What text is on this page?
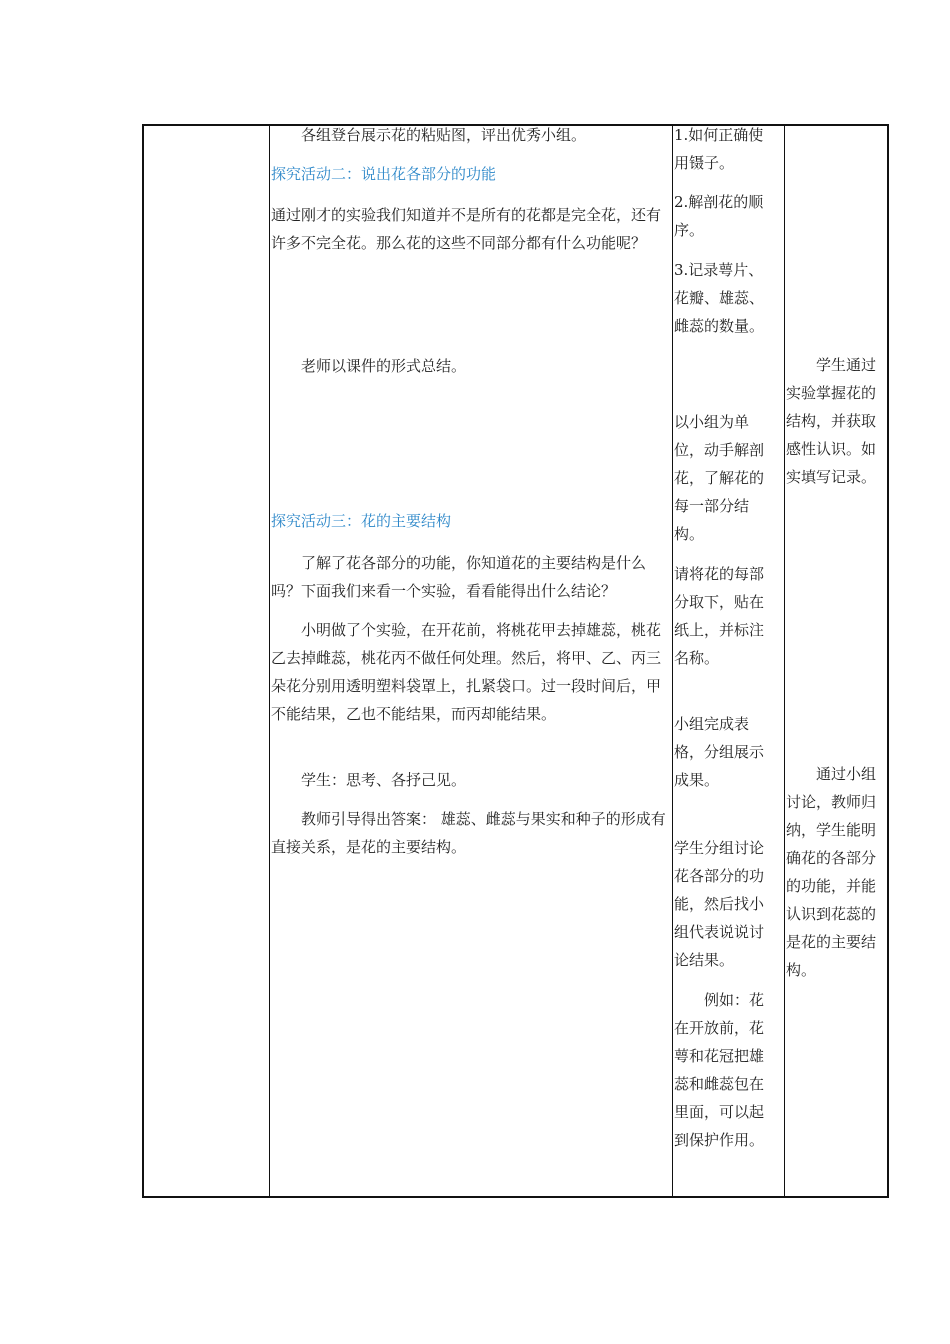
各组登台展示花的粘贴图，评出优秀小组。

探究活动二：说出花各部分的功能

通过刚才的实验我们知道并不是所有的花都是完全花，还有许多不完全花。那么花的这些不同部分都有什么功能呢？

老师以课件的形式总结。

探究活动三：花的主要结构

了解了花各部分的功能，你知道花的主要结构是什么吗？下面我们来看一个实验，看看能得出什么结论？

小明做了个实验，在开花前，将桃花甲去掉雄蕊，桃花乙去掉雌蕊，桃花丙不做任何处理。然后，将甲、乙、丙三朵花分别用透明塑料袋罩上，扎紧袋口。过一段时间后，甲不能结果，乙也不能结果，而丙却能结果。

学生：思考、各抒己见。

教师引导得出答案： 雄蕊、雌蕊与果实和种子的形成有直接关系，是花的主要结构。

1.如何正确使用镊子。

2.解剖花的顺序。

3.记录萼片、花瓣、雄蕊、雌蕊的数量。

以小组为单位，动手解剖花，了解花的每一部分结构。

请将花的每部分取下，贴在纸上，并标注名称。

小组完成表格，分组展示成果。

学生分组讨论花各部分的功能，然后找小组代表说说讨论结果。

例如：花在开放前，花萼和花冠把雄蕊和雌蕊包在里面，可以起到保护作用。

学生通过实验掌握花的结构，并获取感性认识。如实填写记录。

通过小组讨论，教师归纳，学生能明确花的各部分的功能，并能认识到花蕊的是花的主要结构。
